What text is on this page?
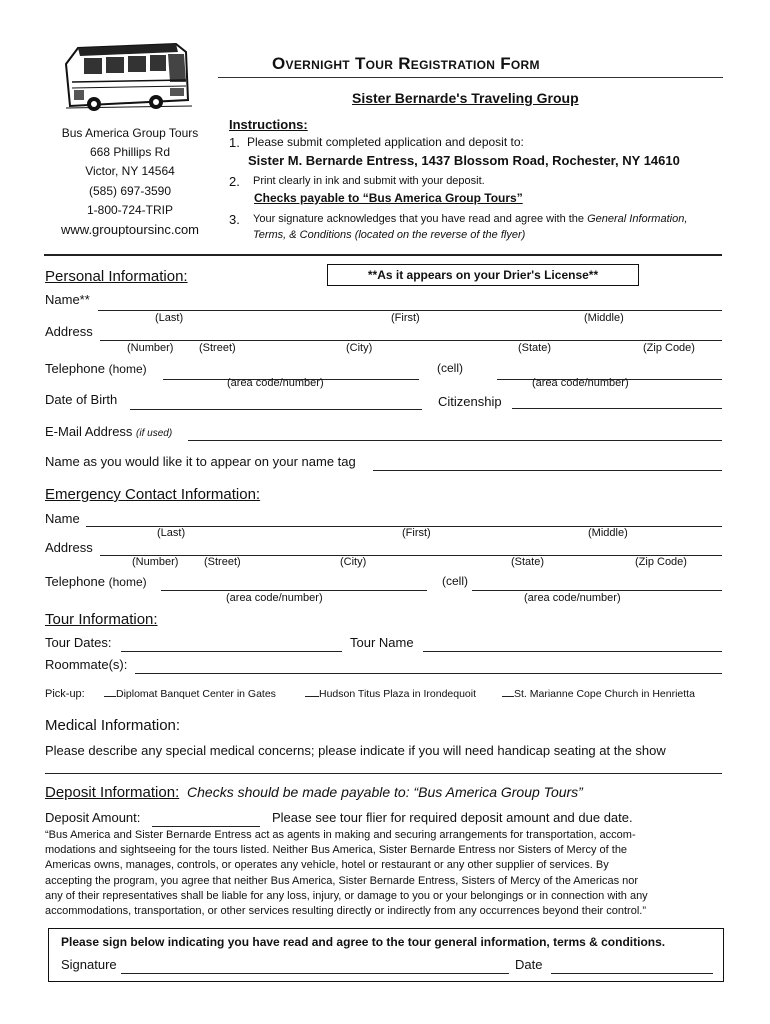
Overnight Tour Registration Form
Sister Bernarde's Traveling Group
Bus America Group Tours
668 Phillips Rd
Victor, NY 14564
(585) 697-3590
1-800-724-TRIP
www.grouptoursinc.com
Instructions:
1. Please submit completed application and deposit to:
Sister M. Bernarde Entress, 1437 Blossom Road, Rochester, NY 14610
2. Print clearly in ink and submit with your deposit.
Checks payable to “Bus America Group Tours”
3. Your signature acknowledges that you have read and agree with the General Information,
Terms, & Conditions (located on the reverse of the flyer)
Personal Information:	**As it appears on your Drier's License**
Name**
(Last)	(First)	(Middle)
Address
(Number) (Street)	(City)	(State)	(Zip Code)
Telephone (home)	(cell)
(area code/number)	(area code/number)
Date of Birth	Citizenship
E-Mail Address (if used)
Name as you would like it to appear on your name tag
Emergency Contact Information:
Name
(Last)	(First)	(Middle)
Address
(Number) (Street)	(City)	(State)	(Zip Code)
Telephone (home)	(cell)
(area code/number)	(area code/number)
Tour Information:
Tour Dates:	Tour Name
Roommate(s):
Pick-up:	Diplomat Banquet Center in Gates	Hudson Titus Plaza in Irondequoit	St. Marianne Cope Church in Henrietta
Medical Information:
Please describe any special medical concerns; please indicate if you will need handicap seating at the show
Deposit Information: Checks should be made payable to: “Bus America Group Tours”
Deposit Amount:	Please see tour flier for required deposit amount and due date.
“Bus America and Sister Bernarde Entress act as agents in making and securing arrangements for transportation, accom-
modations and sightseeing for the tours listed. Neither Bus America, Sister Bernarde Entress nor Sisters of Mercy of the
Americas owns, manages, controls, or operates any vehicle, hotel or restaurant or any other supplier of services. By
accepting the program, you agree that neither Bus America, Sister Bernarde Entress, Sisters of Mercy of the Americas nor
any of their representatives shall be liable for any loss, injury, or damage to you or your belongings or in connection with any
accommodations, transportation, or other services resulting directly or indirectly from any occurrences beyond their control.”
Please sign below indicating you have read and agree to the tour general information, terms & conditions.
Signature	Date
